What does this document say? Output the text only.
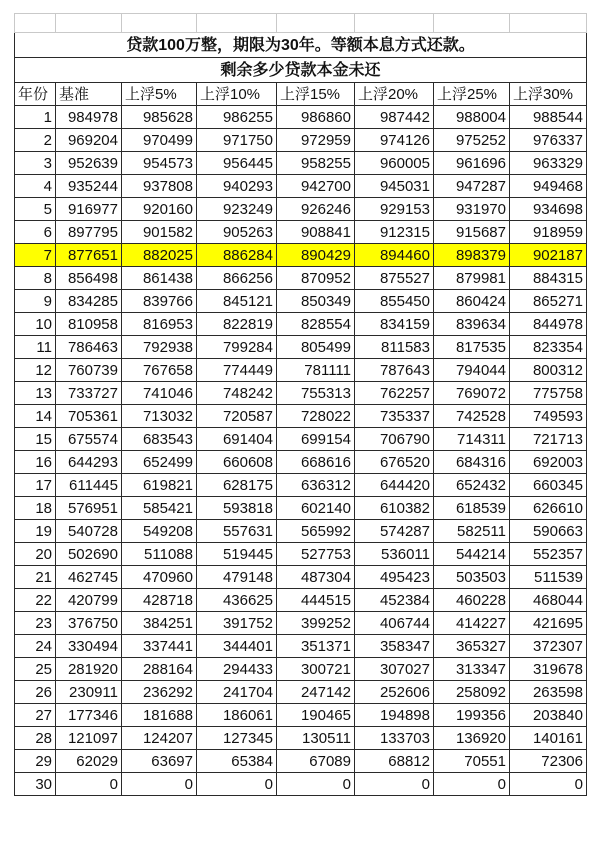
贷款100万整，期限为30年。等额本息方式还款。							
剩余多少贷款本金未还							
年份	基准	上浮5%	上浮10%	上浮15%	上浮20%	上浮25%	上浮30%
1	984978	985628	986255	986860	987442	988004	988544
2	969204	970499	971750	972959	974126	975252	976337
3	952639	954573	956445	958255	960005	961696	963329
4	935244	937808	940293	942700	945031	947287	949468
5	916977	920160	923249	926246	929153	931970	934698
6	897795	901582	905263	908841	912315	915687	918959
7	877651	882025	886284	890429	894460	898379	902187
8	856498	861438	866256	870952	875527	879981	884315
9	834285	839766	845121	850349	855450	860424	865271
10	810958	816953	822819	828554	834159	839634	844978
11	786463	792938	799284	805499	811583	817535	823354
12	760739	767658	774449	781111	787643	794044	800312
13	733727	741046	748242	755313	762257	769072	775758
14	705361	713032	720587	728022	735337	742528	749593
15	675574	683543	691404	699154	706790	714311	721713
16	644293	652499	660608	668616	676520	684316	692003
17	611445	619821	628175	636312	644420	652432	660345
18	576951	585421	593818	602140	610382	618539	626610
19	540728	549208	557631	565992	574287	582511	590663
20	502690	511088	519445	527753	536011	544214	552357
21	462745	470960	479148	487304	495423	503503	511539
22	420799	428718	436625	444515	452384	460228	468044
23	376750	384251	391752	399252	406744	414227	421695
24	330494	337441	344401	351371	358347	365327	372307
25	281920	288164	294433	300721	307027	313347	319678
26	230911	236292	241704	247142	252606	258092	263598
27	177346	181688	186061	190465	194898	199356	203840
28	121097	124207	127345	130511	133703	136920	140161
29	62029	63697	65384	67089	68812	70551	72306
30	0	0	0	0	0	0	0
